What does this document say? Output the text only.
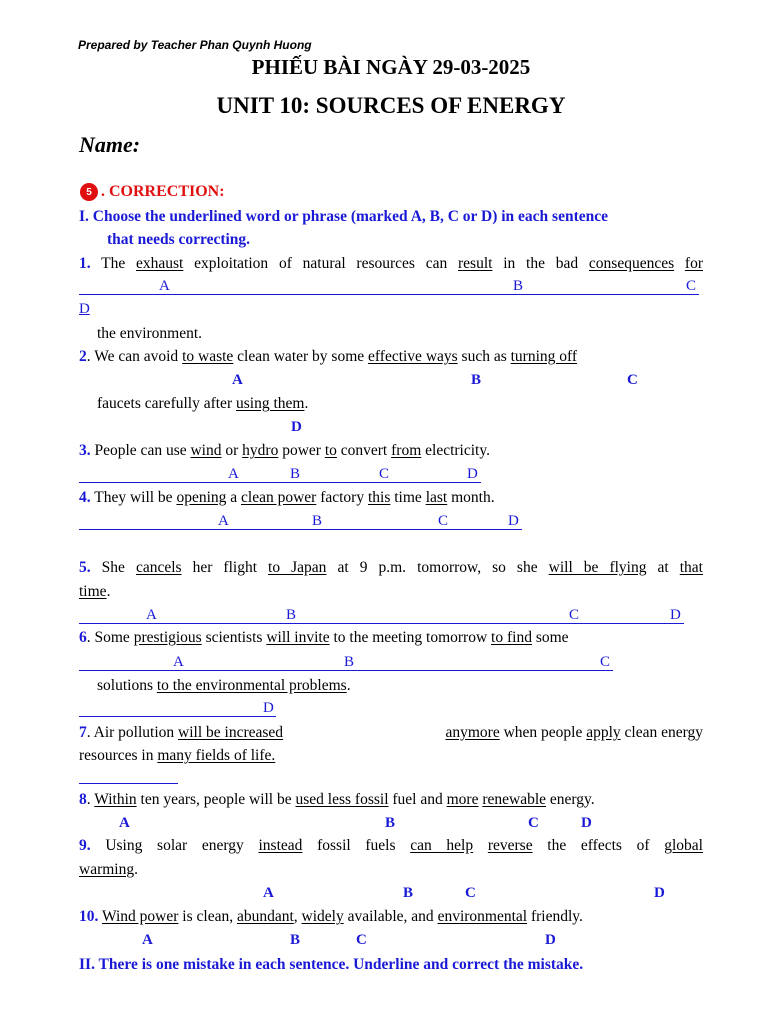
Prepared by Teacher Phan Quynh Huong
PHIẾU BÀI NGÀY 29-03-2025
UNIT 10: SOURCES OF ENERGY
Name:
5 . CORRECTION:
I. Choose the underlined word or phrase (marked A, B, C or D) in each sentence
that needs correcting.
1. The exhaust exploitation of natural resources can result in the bad consequences for
A	B	C
D
the environment.
2. We can avoid to waste clean water by some effective ways such as turning off
A	B	C
faucets carefully after using them.
D
3. People can use wind or hydro power to convert from electricity.
A	B	C	D
4. They will be opening a clean power factory this time last month.
A	B	C	D
5. She cancels her flight to Japan at 9 p.m. tomorrow, so she will be flying at that
time.
A	B	C	D
6. Some prestigious scientists will invite to the meeting tomorrow to find some
A	B	C
solutions to the environmental problems.
D
7. Air pollution will be increased	anymore when people apply clean energy
resources in many fields of life.
8. Within ten years, people will be used less fossil fuel and more renewable energy.
A	B	C	D
9. Using solar energy instead fossil fuels can help reverse the effects of global
warming.
A	B	C	D
10. Wind power is clean, abundant, widely available, and environmental friendly.
A	B	C	D
II. There is one mistake in each sentence. Underline and correct the mistake.
